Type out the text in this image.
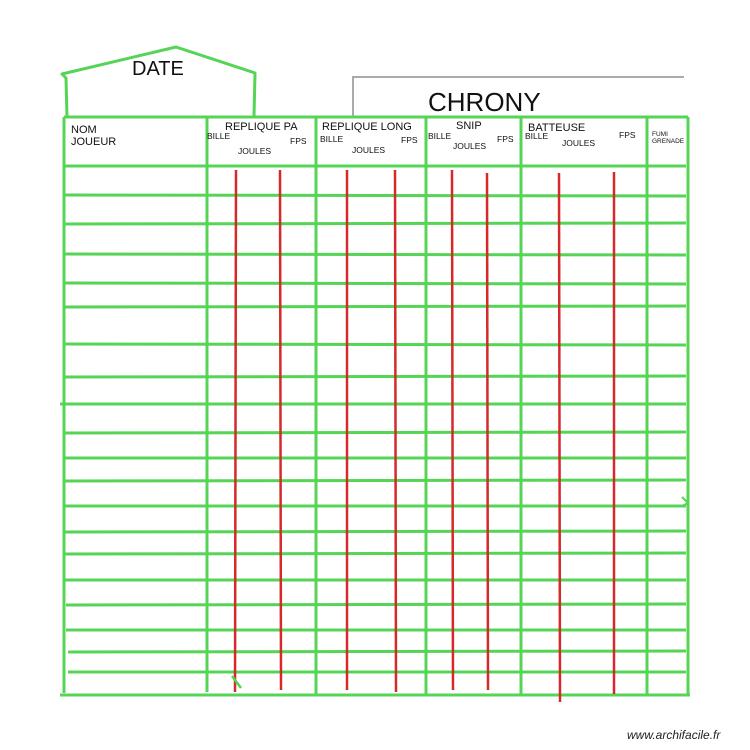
DATE
CHRONY
NOM
JOUEUR
REPLIQUE PA
BILLE
JOULES
FPS
REPLIQUE LONG
BILLE
JOULES
FPS
SNIP
BILLE
JOULES
FPS
BATTEUSE
BILLE
JOULES
FPS	FUMI
GRENADE
www.archifacile.fr
